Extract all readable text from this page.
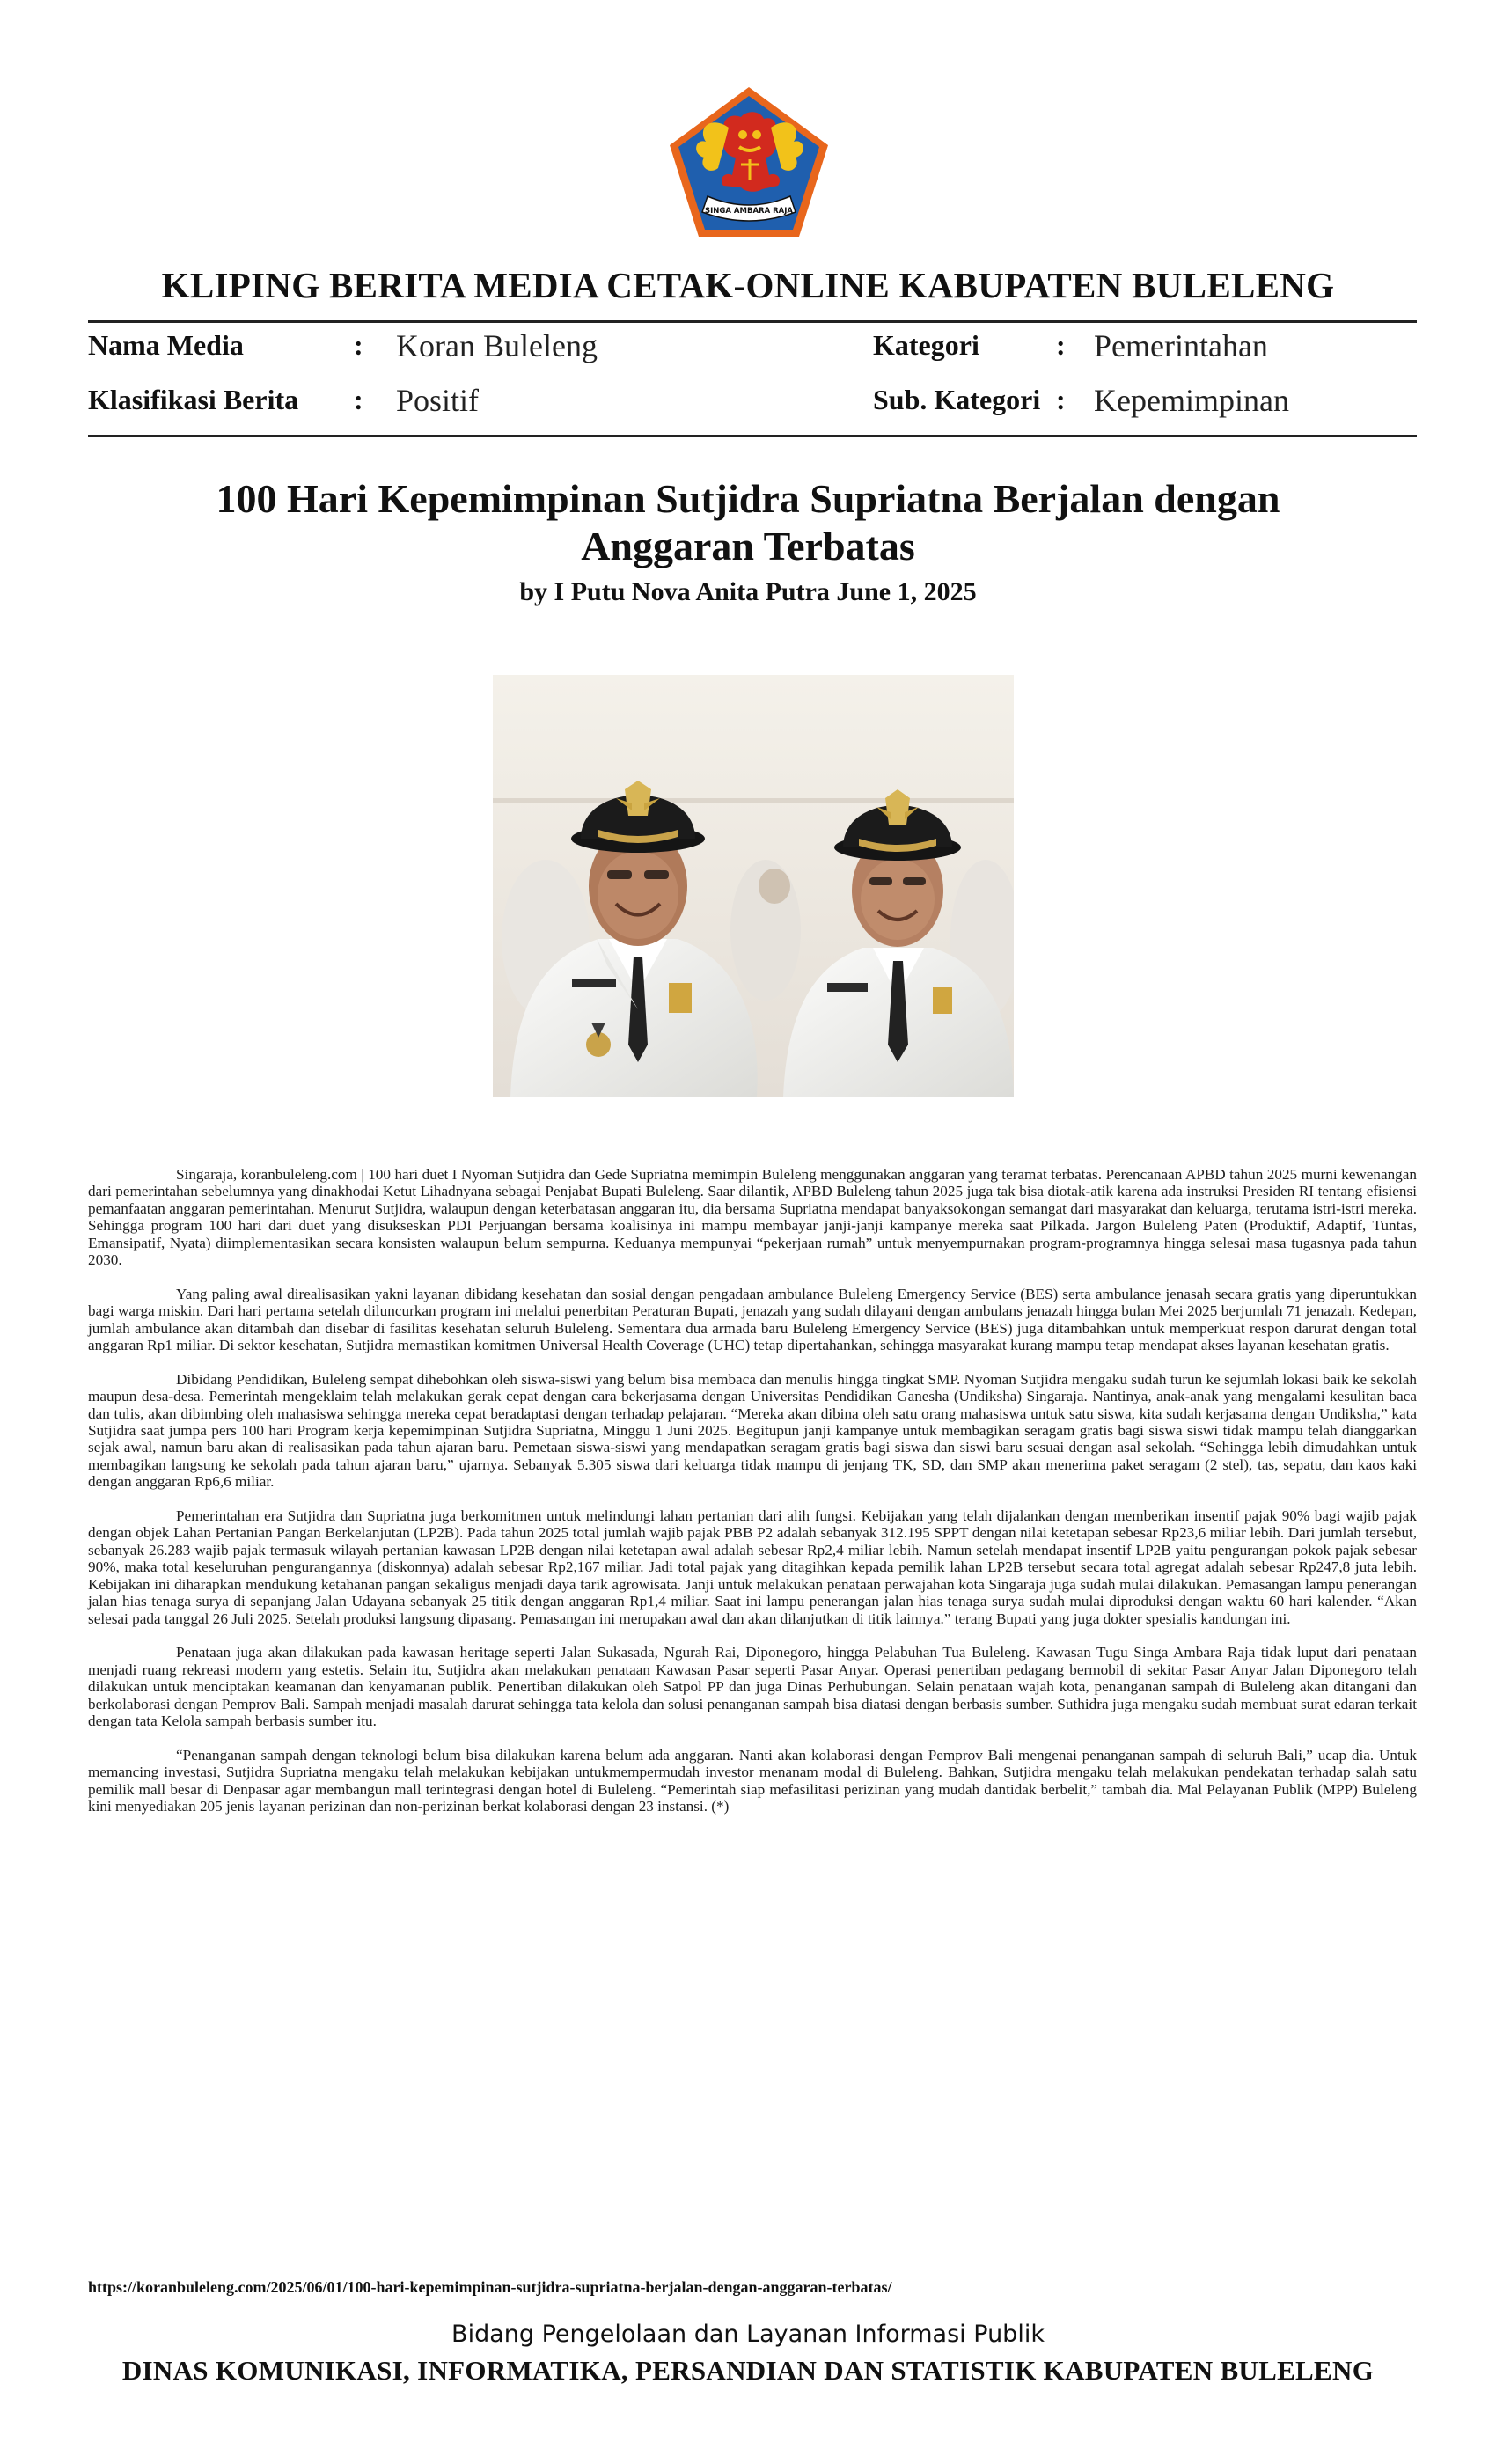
SINGA AMBARA RAJA
KLIPING BERITA MEDIA CETAK-ONLINE KABUPATEN BULELENG
Nama Media	: Koran Buleleng
Klasifikasi Berita : Positif
Kategori	: Pemerintahan
Sub. Kategori : Kepemimpinan
100 Hari Kepemimpinan Sutjidra Supriatna Berjalan dengan Anggaran Terbatas
by I Putu Nova Anita Putra June 1, 2025

Singaraja, koranbuleleng.com | 100 hari duet I Nyoman Sutjidra dan Gede Supriatna memimpin Buleleng menggunakan anggaran yang teramat terbatas. Perencanaan APBD tahun 2025 murni kewenangan dari pemerintahan sebelumnya yang dinakhodai Ketut Lihadnyana sebagai Penjabat Bupati Buleleng. Saar dilantik, APBD Buleleng tahun 2025 juga tak bisa diotak-atik karena ada instruksi Presiden RI tentang efisiensi pemanfaatan anggaran pemerintahan. Menurut Sutjidra, walaupun dengan keterbatasan anggaran itu, dia bersama Supriatna mendapat banyaksokongan semangat dari masyarakat dan keluarga, terutama istri-istri mereka. Sehingga program 100 hari dari duet yang disukseskan PDI Perjuangan bersama koalisinya ini mampu membayar janji-janji kampanye mereka saat Pilkada. Jargon Buleleng Paten (Produktif, Adaptif, Tuntas, Emansipatif, Nyata) diimplementasikan secara konsisten walaupun belum sempurna. Keduanya mempunyai “pekerjaan rumah” untuk menyempurnakan program-programnya hingga selesai masa tugasnya pada tahun 2030.

Yang paling awal direalisasikan yakni layanan dibidang kesehatan dan sosial dengan pengadaan ambulance Buleleng Emergency Service (BES) serta ambulance jenasah secara gratis yang diperuntukkan bagi warga miskin. Dari hari pertama setelah diluncurkan program ini melalui penerbitan Peraturan Bupati, jenazah yang sudah dilayani dengan ambulans jenazah hingga bulan Mei 2025 berjumlah 71 jenazah. Kedepan, jumlah ambulance akan ditambah dan disebar di fasilitas kesehatan seluruh Buleleng. Sementara dua armada baru Buleleng Emergency Service (BES) juga ditambahkan untuk memperkuat respon darurat dengan total anggaran Rp1 miliar. Di sektor kesehatan, Sutjidra memastikan komitmen Universal Health Coverage (UHC) tetap dipertahankan, sehingga masyarakat kurang mampu tetap mendapat akses layanan kesehatan gratis.

Dibidang Pendidikan, Buleleng sempat dihebohkan oleh siswa-siswi yang belum bisa membaca dan menulis hingga tingkat SMP. Nyoman Sutjidra mengaku sudah turun ke sejumlah lokasi baik ke sekolah maupun desa-desa. Pemerintah mengeklaim telah melakukan gerak cepat dengan cara bekerjasama dengan Universitas Pendidikan Ganesha (Undiksha) Singaraja. Nantinya, anak-anak yang mengalami kesulitan baca dan tulis, akan dibimbing oleh mahasiswa sehingga mereka cepat beradaptasi dengan terhadap pelajaran. “Mereka akan dibina oleh satu orang mahasiswa untuk satu siswa, kita sudah kerjasama dengan Undiksha,” kata Sutjidra saat jumpa pers 100 hari Program kerja kepemimpinan Sutjidra Supriatna, Minggu 1 Juni 2025. Begitupun janji kampanye untuk membagikan seragam gratis bagi siswa siswi tidak mampu telah dianggarkan sejak awal, namun baru akan di realisasikan pada tahun ajaran baru. Pemetaan siswa-siswi yang mendapatkan seragam gratis bagi siswa dan siswi baru sesuai dengan asal sekolah. “Sehingga lebih dimudahkan untuk membagikan langsung ke sekolah pada tahun ajaran baru,” ujarnya. Sebanyak 5.305 siswa dari keluarga tidak mampu di jenjang TK, SD, dan SMP akan menerima paket seragam (2 stel), tas, sepatu, dan kaos kaki dengan anggaran Rp6,6 miliar.

Pemerintahan era Sutjidra dan Supriatna juga berkomitmen untuk melindungi lahan pertanian dari alih fungsi. Kebijakan yang telah dijalankan dengan memberikan insentif pajak 90% bagi wajib pajak dengan objek Lahan Pertanian Pangan Berkelanjutan (LP2B). Pada tahun 2025 total jumlah wajib pajak PBB P2 adalah sebanyak 312.195 SPPT dengan nilai ketetapan sebesar Rp23,6 miliar lebih. Dari jumlah tersebut, sebanyak 26.283 wajib pajak termasuk wilayah pertanian kawasan LP2B dengan nilai ketetapan awal adalah sebesar Rp2,4 miliar lebih. Namun setelah mendapat insentif LP2B yaitu pengurangan pokok pajak sebesar 90%, maka total keseluruhan pengurangannya (diskonnya) adalah sebesar Rp2,167 miliar. Jadi total pajak yang ditagihkan kepada pemilik lahan LP2B tersebut secara total agregat adalah sebesar Rp247,8 juta lebih. Kebijakan ini diharapkan mendukung ketahanan pangan sekaligus menjadi daya tarik agrowisata. Janji untuk melakukan penataan perwajahan kota Singaraja juga sudah mulai dilakukan. Pemasangan lampu penerangan jalan hias tenaga surya di sepanjang Jalan Udayana sebanyak 25 titik dengan anggaran Rp1,4 miliar. Saat ini lampu penerangan jalan hias tenaga surya sudah mulai diproduksi dengan waktu 60 hari kalender. “Akan selesai pada tanggal 26 Juli 2025. Setelah produksi langsung dipasang. Pemasangan ini merupakan awal dan akan dilanjutkan di titik lainnya.” terang Bupati yang juga dokter spesialis kandungan ini.

Penataan juga akan dilakukan pada kawasan heritage seperti Jalan Sukasada, Ngurah Rai, Diponegoro, hingga Pelabuhan Tua Buleleng. Kawasan Tugu Singa Ambara Raja tidak luput dari penataan menjadi ruang rekreasi modern yang estetis. Selain itu, Sutjidra akan melakukan penataan Kawasan Pasar seperti Pasar Anyar. Operasi penertiban pedagang bermobil di sekitar Pasar Anyar Jalan Diponegoro telah dilakukan untuk menciptakan keamanan dan kenyamanan publik. Penertiban dilakukan oleh Satpol PP dan juga Dinas Perhubungan. Selain penataan wajah kota, penanganan sampah di Buleleng akan ditangani dan berkolaborasi dengan Pemprov Bali. Sampah menjadi masalah darurat sehingga tata kelola dan solusi penanganan sampah bisa diatasi dengan berbasis sumber. Suthidra juga mengaku sudah membuat surat edaran terkait dengan tata Kelola sampah berbasis sumber itu.

“Penanganan sampah dengan teknologi belum bisa dilakukan karena belum ada anggaran. Nanti akan kolaborasi dengan Pemprov Bali mengenai penanganan sampah di seluruh Bali,” ucap dia. Untuk memancing investasi, Sutjidra Supriatna mengaku telah melakukan kebijakan untukmempermudah investor menanam modal di Buleleng. Bahkan, Sutjidra mengaku telah melakukan pendekatan terhadap salah satu pemilik mall besar di Denpasar agar membangun mall terintegrasi dengan hotel di Buleleng. “Pemerintah siap mefasilitasi perizinan yang mudah dantidak berbelit,” tambah dia. Mal Pelayanan Publik (MPP) Buleleng kini menyediakan 205 jenis layanan perizinan dan non-perizinan berkat kolaborasi dengan 23 instansi. (*)

https://koranbuleleng.com/2025/06/01/100-hari-kepemimpinan-sutjidra-supriatna-berjalan-dengan-anggaran-terbatas/
Bidang Pengelolaan dan Layanan Informasi Publik
DINAS KOMUNIKASI, INFORMATIKA, PERSANDIAN DAN STATISTIK KABUPATEN BULELENG
